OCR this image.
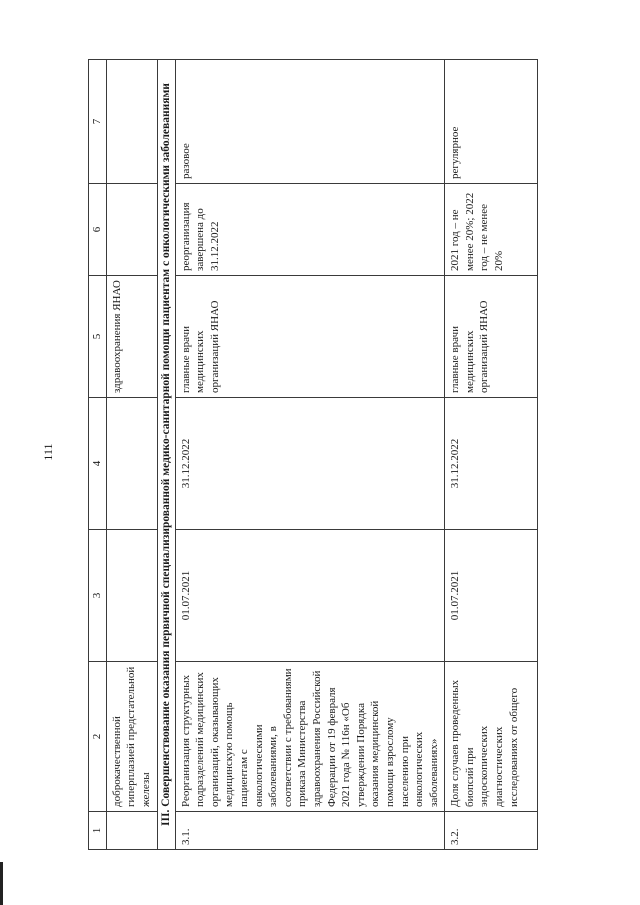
111
1	2	3	4	5	6	7
	доброкачественной гиперплазией предстательной железы			здравоохранения ЯНАО		
III. Совершенствование оказания первичной специализированной медико-санитарной помощи пациентам с онкологическими заболеваниями						
3.1.	Реорганизация структурных подразделений медицинских организаций, оказывающих медицинскую помощь пациентам с онкологическими заболеваниями, в соответствии с требованиями приказа Министерства здравоохранения Российской Федерации от 19 февраля 2021 года № 116н «Об утверждении Порядка оказания медицинской помощи взрослому населению при онкологических заболеваниях»	01.07.2021	31.12.2022	главные врачи медицинских организаций ЯНАО	реорганизация завершена до 31.12.2022	разовое
3.2.	Доля случаев проведенных биопсий при эндоскопических диагностических исследованиях от общего	01.07.2021	31.12.2022	главные врачи медицинских организаций ЯНАО	2021 год – не менее 20%; 2022 год – не менее 20%	регулярное
